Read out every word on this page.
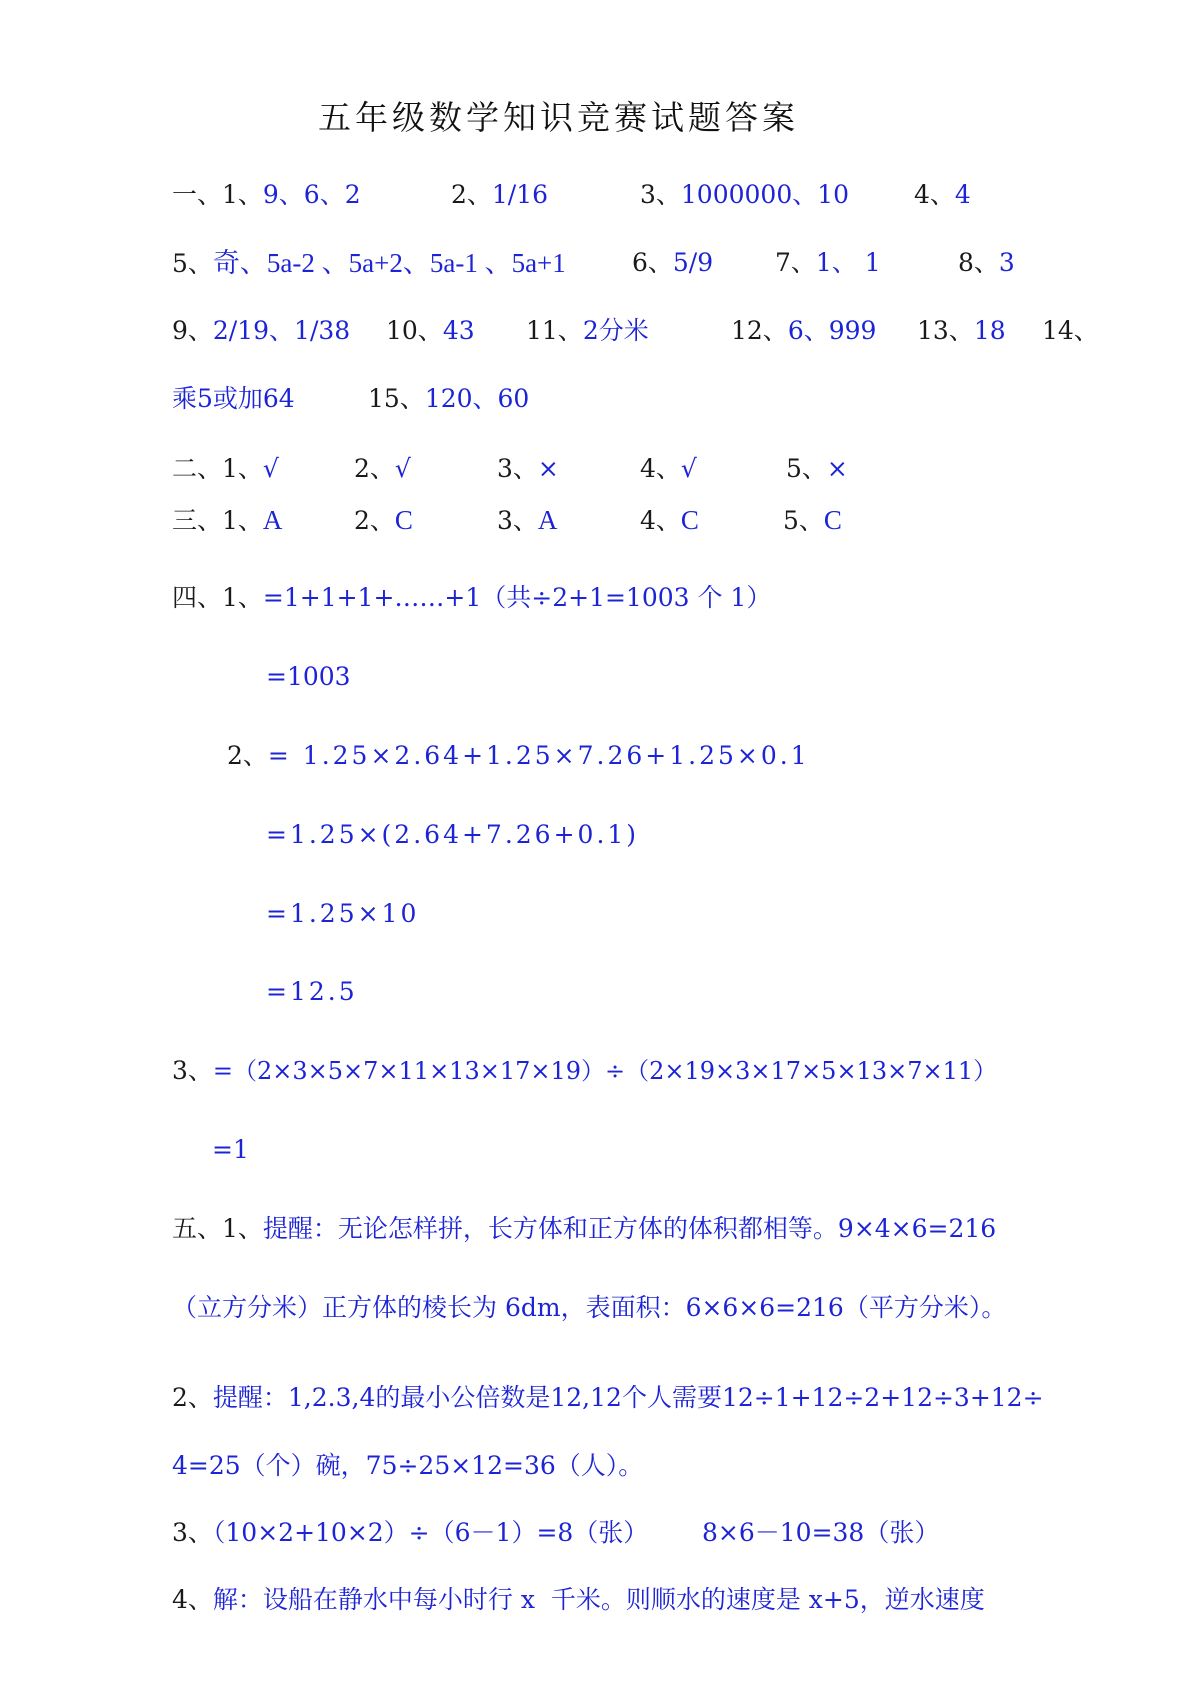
五年级数学知识竞赛试题答案
一、1、9、6、2	2、1/16	3、1000000、10	4、4
5、奇、5a-2 、5a+2、5a-1 、5a+1	6、5/9 7、1、 1	8、3
9、2/19、1/38 10、43 11、2分米	12、6、999 13、18 14、
乘5或加64	15、120、60
二、1、√	2、√	3、×	4、√	5、×
三、1、A	2、C	3、A	4、C	5、C
四、1、=1+1+1+……+1（共÷2+1=1003 个 1）
=1003
2、= 1.25×2.64+1.25×7.26+1.25×0.1
=1.25×(2.64+7.26+0.1)
=1.25×10
=12.5
3、=（2×3×5×7×11×13×17×19）÷（2×19×3×17×5×13×7×11）
=1
五、1、提醒：无论怎样拼，长方体和正方体的体积都相等。9×4×6=216
（立方分米）正方体的棱长为 6dm，表面积：6×6×6=216（平方分米）。
2、提醒：1,2.3,4的最小公倍数是12,12个人需要12÷1+12÷2+12÷3+12÷
4=25（个）碗，75÷25×12=36（人）。
3、（10×2+10×2）÷（6－1）=8（张） 8×6－10=38（张）
4、解：设船在静水中每小时行 x  千米。则顺水的速度是 x+5，逆水速度
